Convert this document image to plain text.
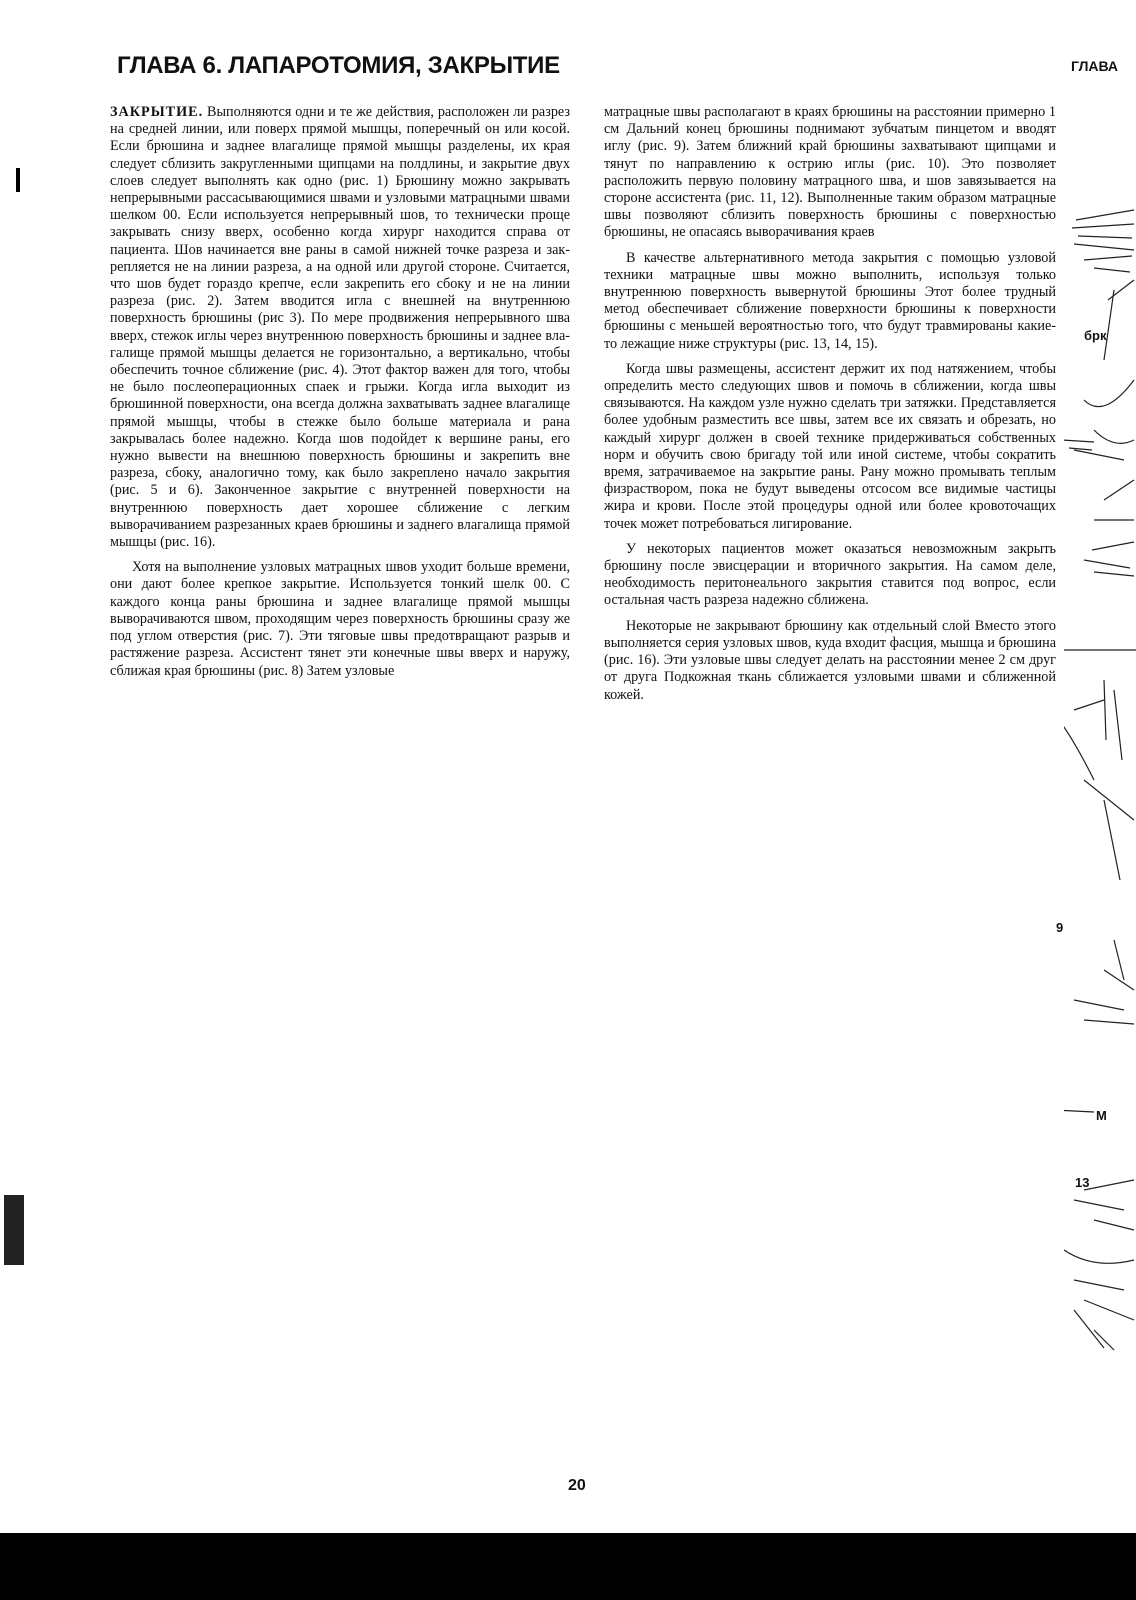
ГЛАВА 6. ЛАПАРОТОМИЯ, ЗАКРЫТИЕ	ГЛАВА

ЗАКРЫТИЕ. Выполняются одни и те же действия, расположен ли разрез на средней линии, или поверх прямой мышцы, поперечный он или косой. Если брюшина и заднее влагалище прямой мышцы разделены, их края следует сблизить закругленными щипцами на полдлины, и закрытие двух слоев следует выполнять как одно (рис. 1) Брюшину можно закрывать непрерывными рассасывающимися швами и узловыми матрацными швами шелком 00. Если используется непрерывный шов, то технически проще закрывать снизу вверх, особенно когда хирург находится справа от пациента. Шов начинается вне раны в самой нижней точке разреза и закрепляется не на линии разреза, а на одной или другой стороне. Считается, что шов будет гораздо крепче, если закрепить его сбоку и не на линии разреза (рис. 2). Затем вводится игла с внешней на внутреннюю поверхность брюшины (рис 3). По мере продвижения непрерывного шва вверх, стежок иглы через внутреннюю поверхность брюшины и заднее влагалище прямой мышцы делается не горизонтально, а вертикально, чтобы обеспечить точное сближение (рис. 4). Этот фактор важен для того, чтобы не было послеоперационных спаек и грыжи. Когда игла выходит из брюшинной поверхности, она всегда должна захватывать заднее влагалище прямой мышцы, чтобы в стежке было больше материала и рана закрывалась более надежно. Когда шов подойдет к вершине раны, его нужно вывести на внешнюю поверхность брюшины и закрепить вне разреза, сбоку, аналогично тому, как было закреплено начало закрытия (рис. 5 и 6). Законченное закрытие с внутренней поверхности на внутреннюю поверхность дает хорошее сближение с легким выворачиванием разрезанных краев брюшины и заднего влагалища прямой мышцы (рис. 16).

Хотя на выполнение узловых матрацных швов уходит больше времени, они дают более крепкое закрытие. Используется тонкий шелк 00. С каждого конца раны брюшина и заднее влагалище прямой мышцы выворачиваются швом, проходящим через поверхность брюшины сразу же под углом отверстия (рис. 7). Эти тяговые швы предотвращают разрыв и растяжение разреза. Ассистент тянет эти конечные швы вверх и наружу, сближая края брюшины (рис. 8) Затем узловые

матрацные швы располагают в краях брюшины на расстоянии примерно 1 см Дальний конец брюшины поднимают зубчатым пинцетом и вводят иглу (рис. 9). Затем ближний край брюшины захватывают щипцами и тянут по направлению к острию иглы (рис. 10). Это позволяет расположить первую половину матрацного шва, и шов завязывается на стороне ассистента (рис. 11, 12). Выполненные таким образом матрацные швы позволяют сблизить поверхность брюшины с поверхностью брюшины, не опасаясь выворачивания краев

В качестве альтернативного метода закрытия с помощью узловой техники матрацные швы можно выполнить, используя только внутреннюю поверхность вывернутой брюшины Этот более трудный метод обеспечивает сближение поверхности брюшины к поверхности брюшины с меньшей вероятностью того, что будут травмированы какие-то лежащие ниже структуры (рис. 13, 14, 15).

Когда швы размещены, ассистент держит их под натяжением, чтобы определить место следующих швов и помочь в сближении, когда швы связываются. На каждом узле нужно сделать три затяжки. Представляется более удобным разместить все швы, затем все их связать и обрезать, но каждый хирург должен в своей технике придерживаться собственных норм и обучить свою бригаду той или иной системе, чтобы сократить время, затрачиваемое на закрытие раны. Рану можно промывать теплым физраствором, пока не будут выведены отсосом все видимые частицы жира и крови. После этой процедуры одной или более кровоточащих точек может потребоваться лигирование.

У некоторых пациентов может оказаться невозможным закрыть брюшину после эвисцерации и вторичного закрытия. На самом деле, необходимость перитонеального закрытия ставится под вопрос, если остальная часть разреза надежно сближена.

Некоторые не закрывают брюшину как отдельный слой Вместо этого выполняется серия узловых швов, куда входит фасция, мышца и брюшина (рис. 16). Эти узловые швы следует делать на расстоянии менее 2 см друг от друга Подкожная ткань сближается узловыми швами и сближенной кожей.

брк
9
М
13
20
